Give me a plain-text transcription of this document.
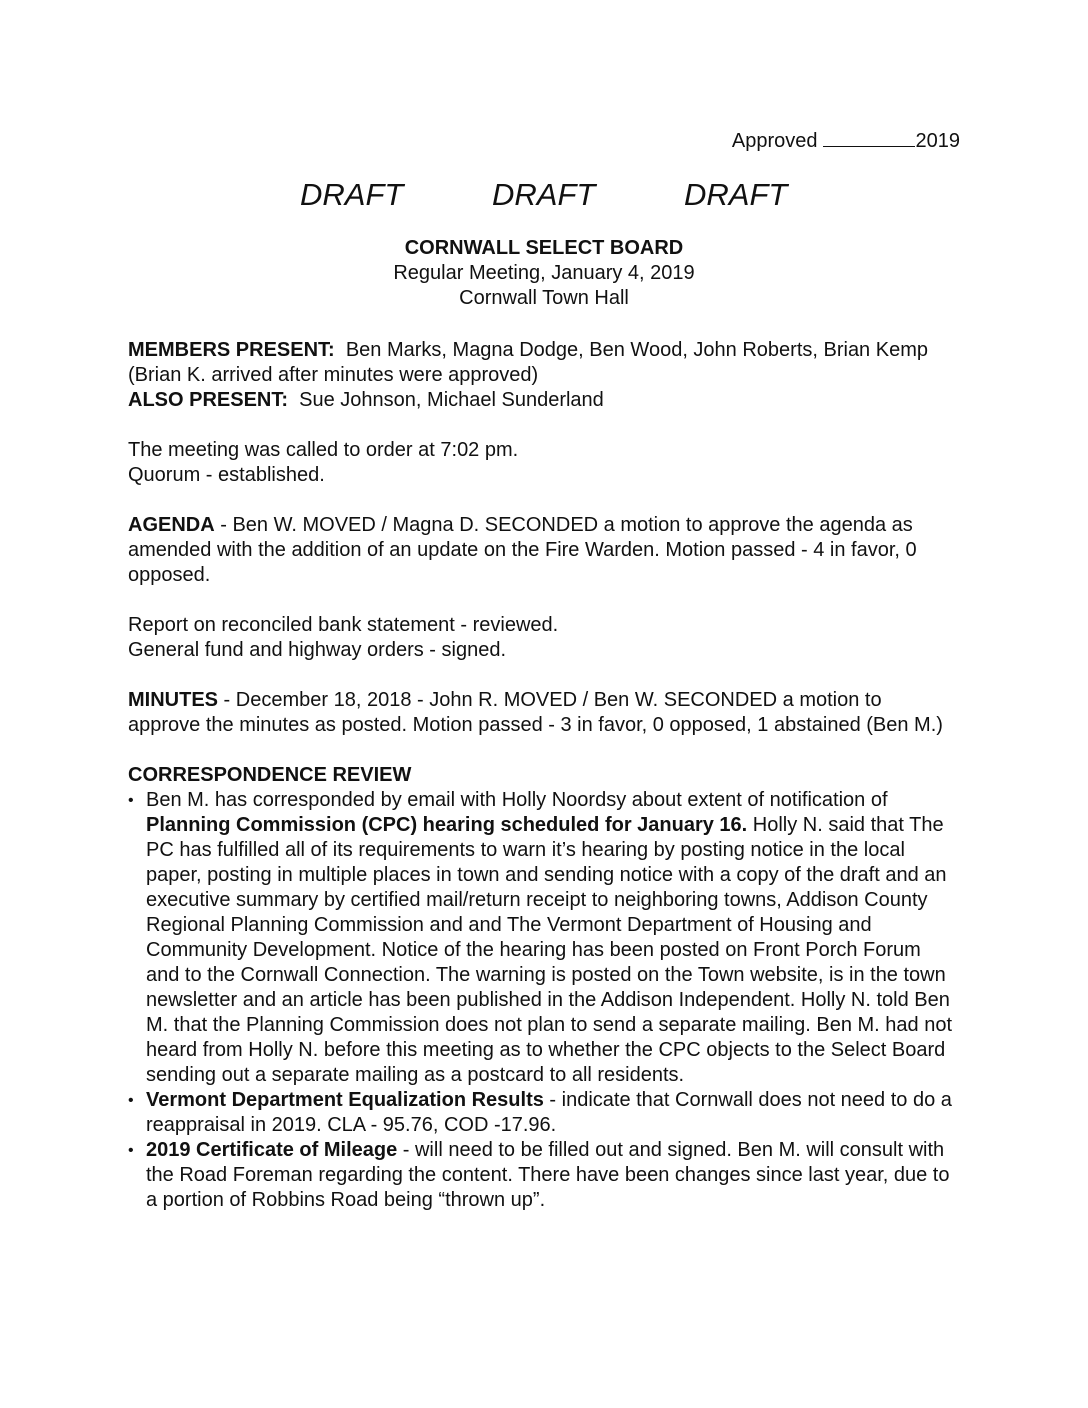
Approved	2019
DRAFT	DRAFT	DRAFT
CORNWALL SELECT BOARD
Regular Meeting, January 4, 2019
Cornwall Town Hall

MEMBERS PRESENT: Ben Marks, Magna Dodge, Ben Wood, John Roberts, Brian Kemp (Brian K. arrived after minutes were approved)

ALSO PRESENT: Sue Johnson, Michael Sunderland

The meeting was called to order at 7:02 pm.
Quorum - established.

AGENDA - Ben W. MOVED / Magna D. SECONDED a motion to approve the agenda as amended with the addition of an update on the Fire Warden. Motion passed - 4 in favor, 0 opposed.

Report on reconciled bank statement - reviewed.
General fund and highway orders - signed.

MINUTES - December 18, 2018 - John R. MOVED / Ben W. SECONDED a motion to approve the minutes as posted. Motion passed - 3 in favor, 0 opposed, 1 abstained (Ben M.)

CORRESPONDENCE REVIEW
• Ben M. has corresponded by email with Holly Noordsy about extent of notification of Planning Commission (CPC) hearing scheduled for January 16. Holly N. said that The PC has fulfilled all of its requirements to warn it’s hearing by posting notice in the local paper, posting in multiple places in town and sending notice with a copy of the draft and an executive summary by certified mail/return receipt to neighboring towns, Addison County Regional Planning Commission and and The Vermont Department of Housing and Community Development. Notice of the hearing has been posted on Front Porch Forum and to the Cornwall Connection. The warning is posted on the Town website, is in the town newsletter and an article has been published in the Addison Independent. Holly N. told Ben M. that the Planning Commission does not plan to send a separate mailing. Ben M. had not heard from Holly N. before this meeting as to whether the CPC objects to the Select Board sending out a separate mailing as a postcard to all residents.
• Vermont Department Equalization Results - indicate that Cornwall does not need to do a reappraisal in 2019. CLA - 95.76, COD -17.96.
• 2019 Certificate of Mileage - will need to be filled out and signed. Ben M. will consult with the Road Foreman regarding the content. There have been changes since last year, due to a portion of Robbins Road being “thrown up”.
